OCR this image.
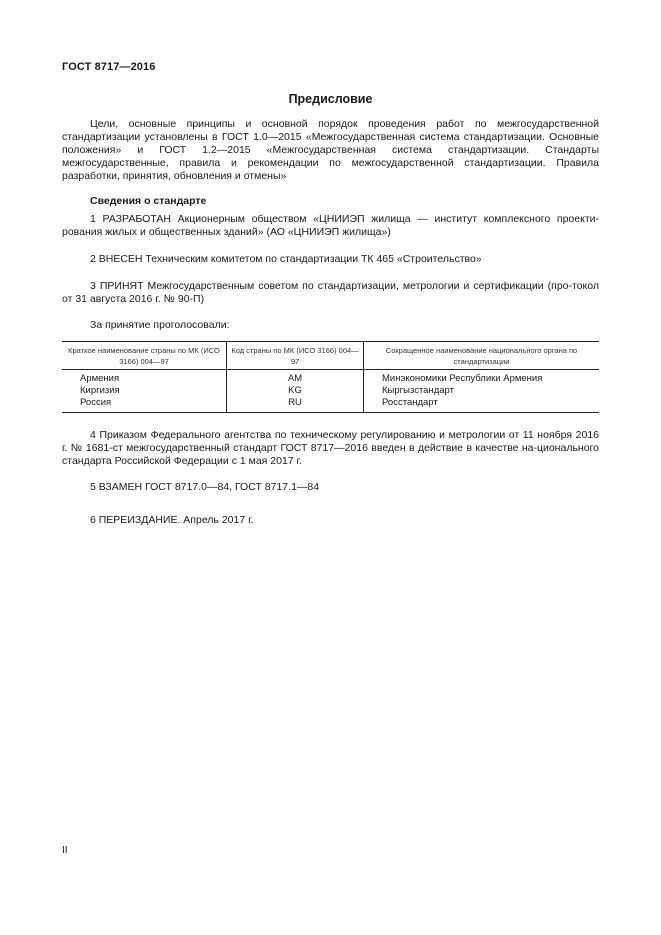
ГОСТ 8717—2016
Предисловие
Цели, основные принципы и основной порядок проведения работ по межгосударственной стандартизации установлены в ГОСТ 1.0—2015 «Межгосударственная система стандартизации. Основные положения» и ГОСТ 1.2—2015 «Межгосударственная система стандартизации. Стандарты межгосударственные, правила и рекомендации по межгосударственной стандартизации. Правила разработки, принятия, обновления и отмены»
Сведения о стандарте
1 РАЗРАБОТАН Акционерным обществом «ЦНИИЭП жилища — институт комплексного проекти-рования жилых и общественных зданий» (АО «ЦНИИЭП жилища»)
2 ВНЕСЕН Техническим комитетом по стандартизации ТК 465 «Строительство»
3 ПРИНЯТ Межгосударственным советом по стандартизации, метрологии и сертификации (про-токол от 31 августа 2016 г. № 90-П)
За принятие проголосовали:
Краткое наименование страны по МК (ИСО 3166) 004—97	Код страны по МК (ИСО 3166) 004—97	Сокращенное наименование национального органа по стандартизации
Армения	AM	Минэкономики Республики Армения
Киргизия	KG	Кыргызстандарт
Россия	RU	Росстандарт
4 Приказом Федерального агентства по техническому регулированию и метрологии от 11 ноября 2016 г. № 1681-ст межгосударственный стандарт ГОСТ 8717—2016 введен в действие в качестве на-ционального стандарта Российской Федерации с 1 мая 2017 г.
5 ВЗАМЕН ГОСТ 8717.0—84, ГОСТ 8717.1—84
6 ПЕРЕИЗДАНИЕ. Апрель 2017 г.
II
